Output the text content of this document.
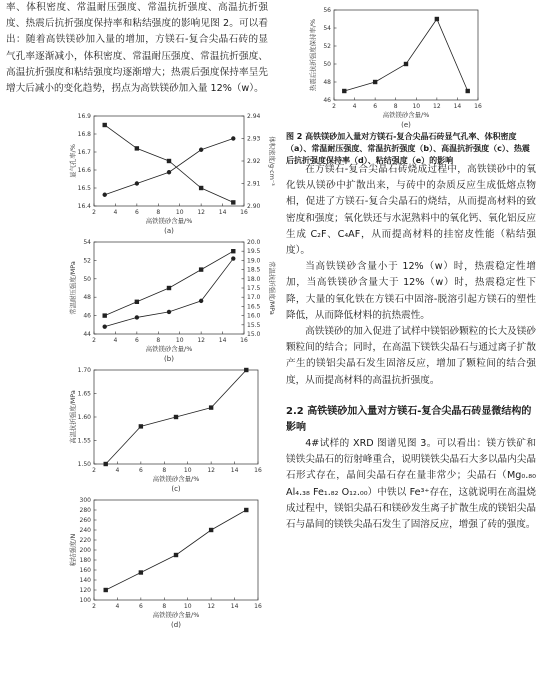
率、体积密度、常温耐压强度、常温抗折强度、高温抗折强度、热震后抗折强度保持率和粘结强度的影响见图 2。可以看出：随着高铁镁砂加入量的增加，方镁石-复合尖晶石砖的显气孔率逐渐减小，体积密度、常温耐压强度、常温抗折强度、高温抗折强度和粘结强度均逐渐增大；热震后强度保持率呈先增大后减小的变化趋势，拐点为高铁镁砂加入量 12%（w）。

2	4	6	8	10 12 14 16
16.4
16.5
16.6
16.7
16.8
16.9
2.90
2.91
2.92
2.93
2.94
高铁镁砂含量/%
显气孔率/%	体积密度/g·cm⁻³
(a)
2	4	6	8	10 12 14 16
44
46
48
50
52
54
15.0
15.5
16.0
16.5
17.0
17.5
18.0
18.5
19.0
19.5
20.0
高铁镁砂含量/%
常温耐压强度/MPa	常温抗折强度/MPa
(b)
2	4	6	8	10	12	14	16
1.50
1.55
1.60
1.65
1.70
高铁镁砂含量/%
高温抗折强度/MPa
(c)
2	4	6	8	10	12	14	16
100
120
140
160
180
200
220
240
260
280
300
高铁镁砂含量/%
粘结强度/N
(d)
2	4	6	8 10 12 14 16
46
48
50
52
54
56
高铁镁砂含量/%
热震后抗折强度保持率/%
(e)
图 2 高铁镁砂加入量对方镁石-复合尖晶石砖显气孔率、体积密度（a）、常温耐压强度、常温抗折强度（b）、高温抗折强度（c）、热震后抗折强度保持率（d）、粘结强度（e）的影响

在方镁石-复合尖晶石砖烧成过程中，高铁镁砂中的氧化铁从镁砂中扩散出来，与砖中的杂质反应生成低熔点物相，促进了方镁石-复合尖晶石的烧结，从而提高材料的致密度和强度；氧化铁还与水泥熟料中的氧化钙、氧化铝反应生成 C₂F、C₄AF，从而提高材料的挂窑皮性能（粘结强度）。

当高铁镁砂含量小于 12%（w）时，热震稳定性增加，当高铁镁砂含量大于 12%（w）时，热震稳定性下降，大量的氧化铁在方镁石中固溶-脱溶引起方镁石的塑性降低，从而降低材料的抗热震性。

高铁镁砂的加入促进了试样中镁铝砂颗粒的长大及镁砂颗粒间的结合；同时，在高温下镁铁尖晶石与通过离子扩散产生的镁铝尖晶石发生固溶反应，增加了颗粒间的结合强度，从而提高材料的高温抗折强度。

2.2 高铁镁砂加入量对方镁石-复合尖晶石砖显微结构的影响

4#试样的 XRD 图谱见图 3。可以看出：镁方铁矿和镁铁尖晶石的衍射峰重合，说明镁铁尖晶石大多以晶内尖晶石形式存在，晶间尖晶石存在量非常少；尖晶石（Mg₀.₈₀ Al₄.₃₈ Fe₁.₈₂ O₁₂.₀₀）中铁以 Fe³⁺存在，这就说明在高温烧成过程中，镁铝尖晶石和镁砂发生离子扩散生成的镁铝尖晶石与晶间的镁铁尖晶石发生了固溶反应，增强了砖的强度。
